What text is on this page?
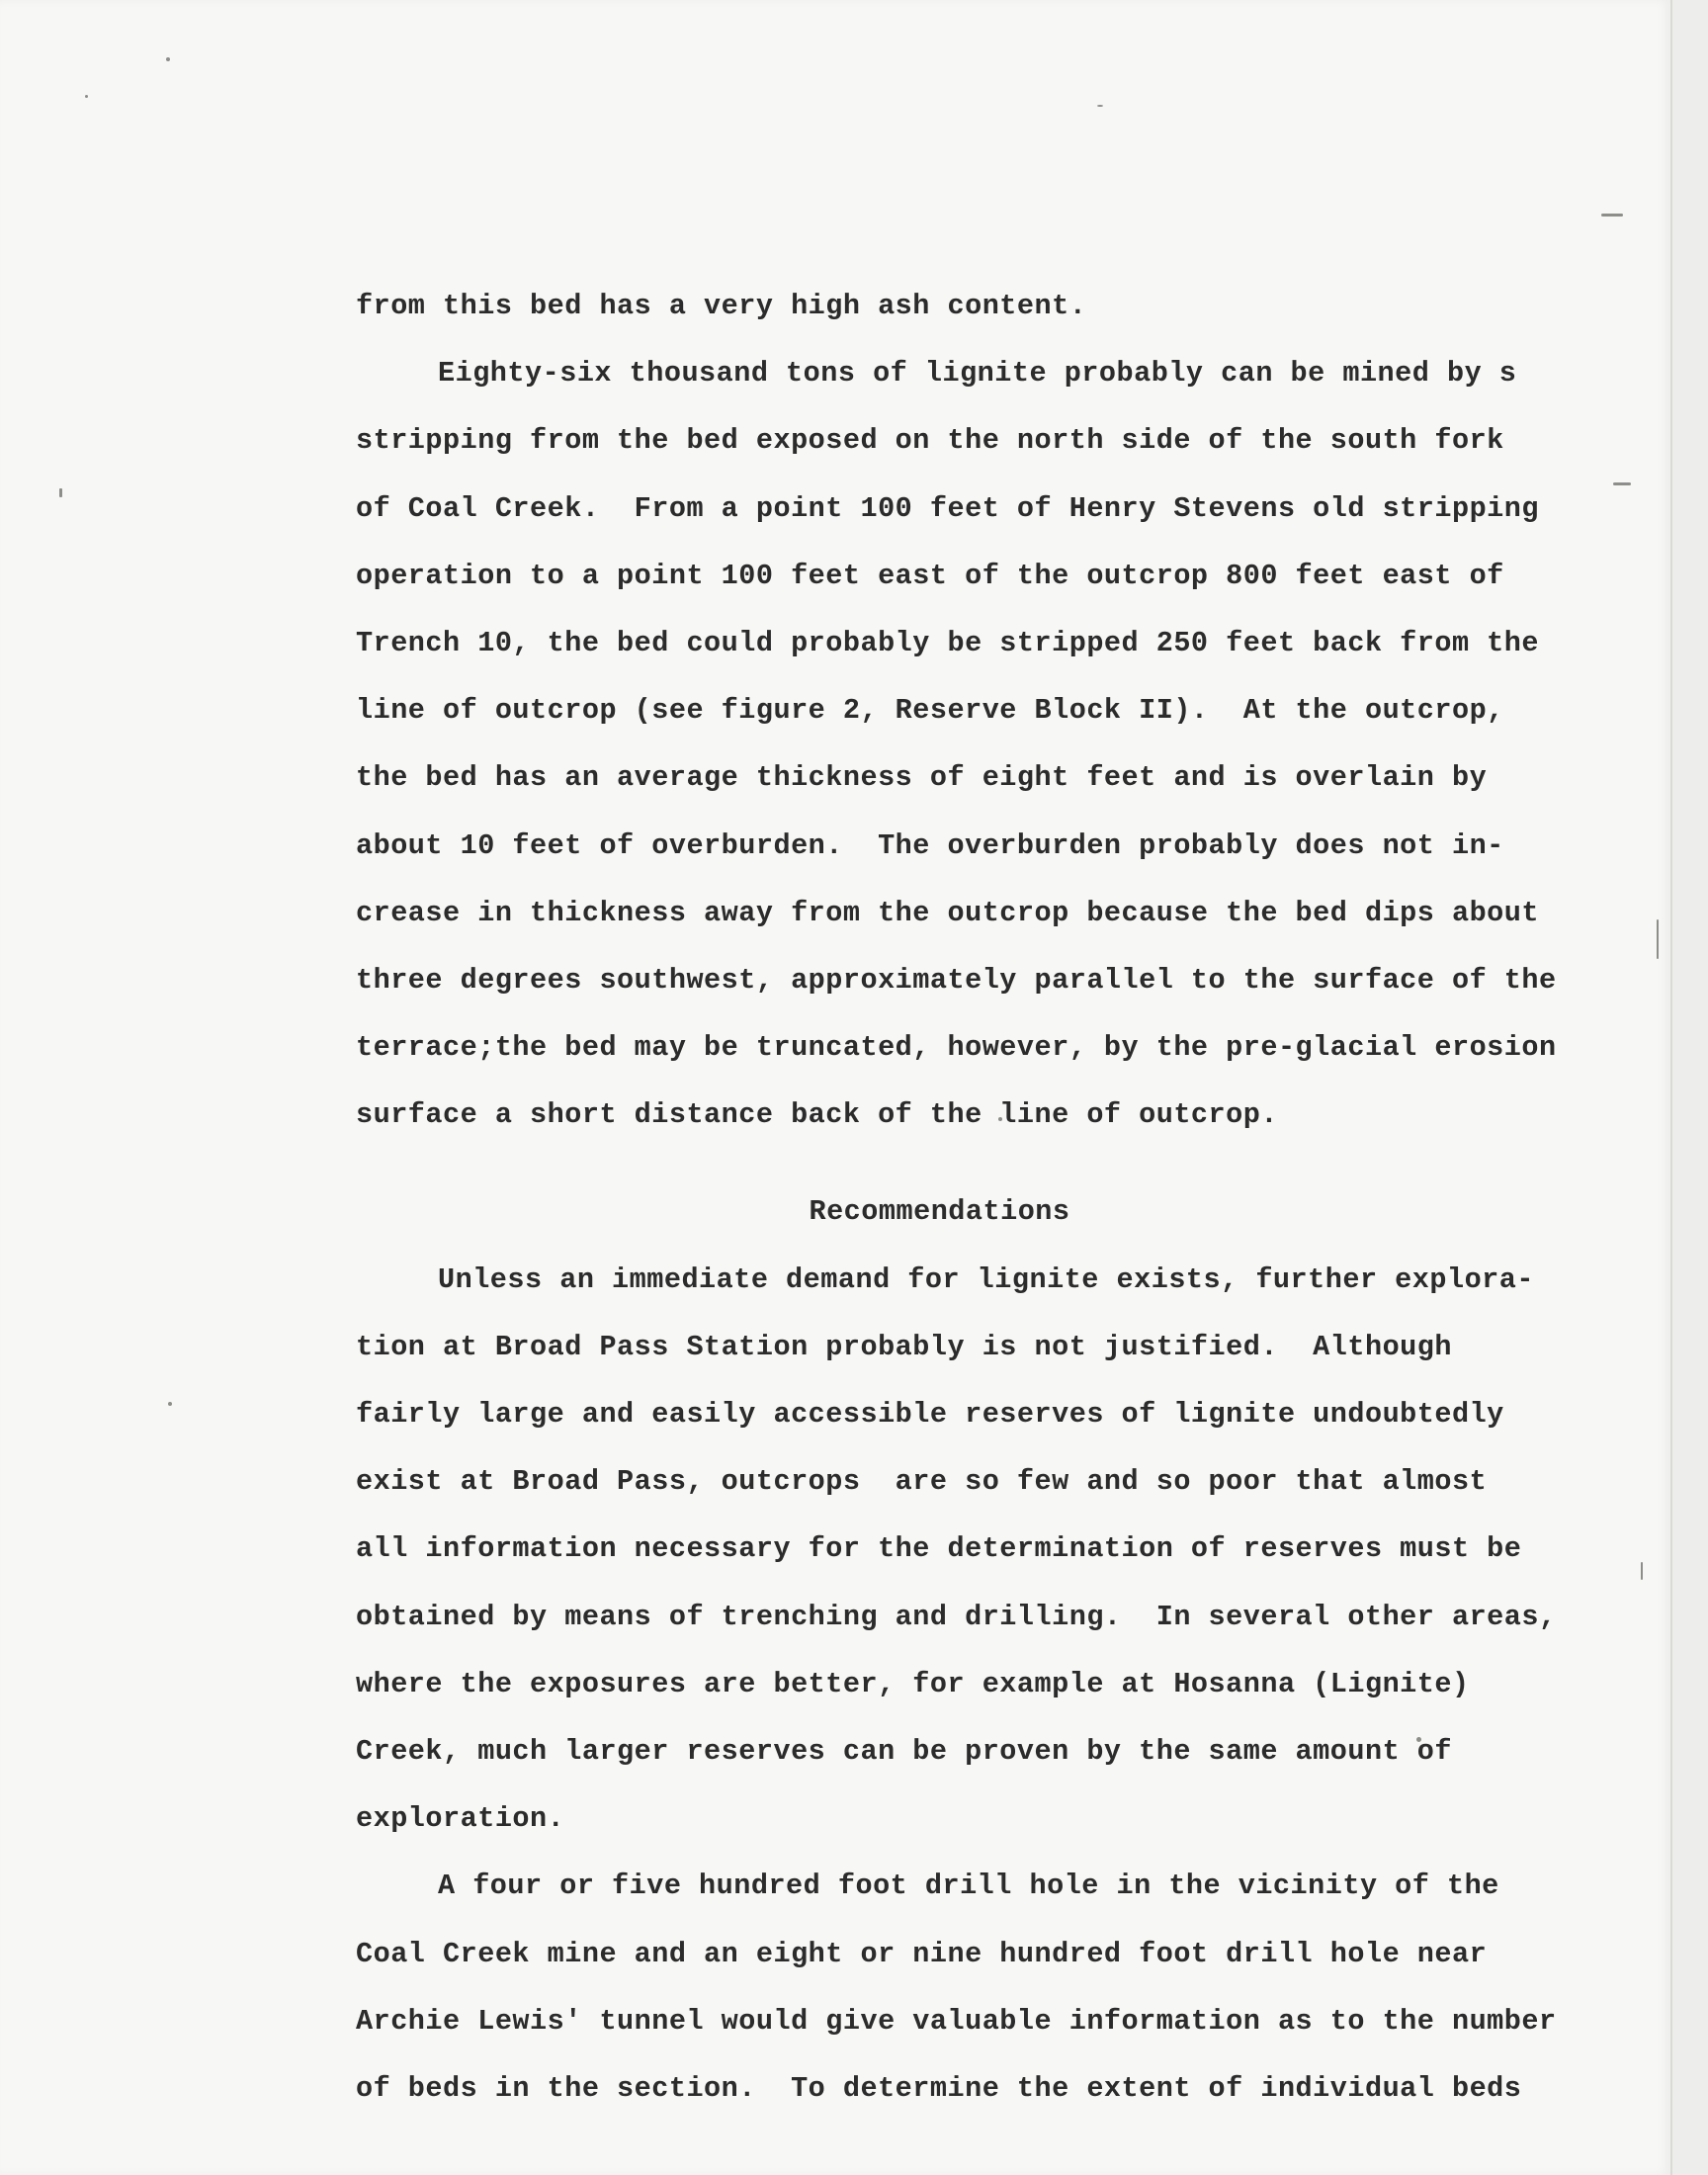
from this bed has a very high ash content.
Eighty-six thousand tons of lignite probably can be mined by s
stripping from the bed exposed on the north side of the south fork
of Coal Creek.  From a point 100 feet of Henry Stevens old stripping
operation to a point 100 feet east of the outcrop 800 feet east of
Trench 10, the bed could probably be stripped 250 feet back from the
line of outcrop (see figure 2, Reserve Block II).  At the outcrop,
the bed has an average thickness of eight feet and is overlain by
about 10 feet of overburden.  The overburden probably does not in-
crease in thickness away from the outcrop because the bed dips about
three degrees southwest, approximately parallel to the surface of the
terrace;the bed may be truncated, however, by the pre-glacial erosion
surface a short distance back of the line of outcrop.
Recommendations
Unless an immediate demand for lignite exists, further explora-
tion at Broad Pass Station probably is not justified.  Although
fairly large and easily accessible reserves of lignite undoubtedly
exist at Broad Pass, outcrops  are so few and so poor that almost
all information necessary for the determination of reserves must be
obtained by means of trenching and drilling.  In several other areas,
where the exposures are better, for example at Hosanna (Lignite)
Creek, much larger reserves can be proven by the same amount of
exploration.
A four or five hundred foot drill hole in the vicinity of the
Coal Creek mine and an eight or nine hundred foot drill hole near
Archie Lewis' tunnel would give valuable information as to the number
of beds in the section.  To determine the extent of individual beds
